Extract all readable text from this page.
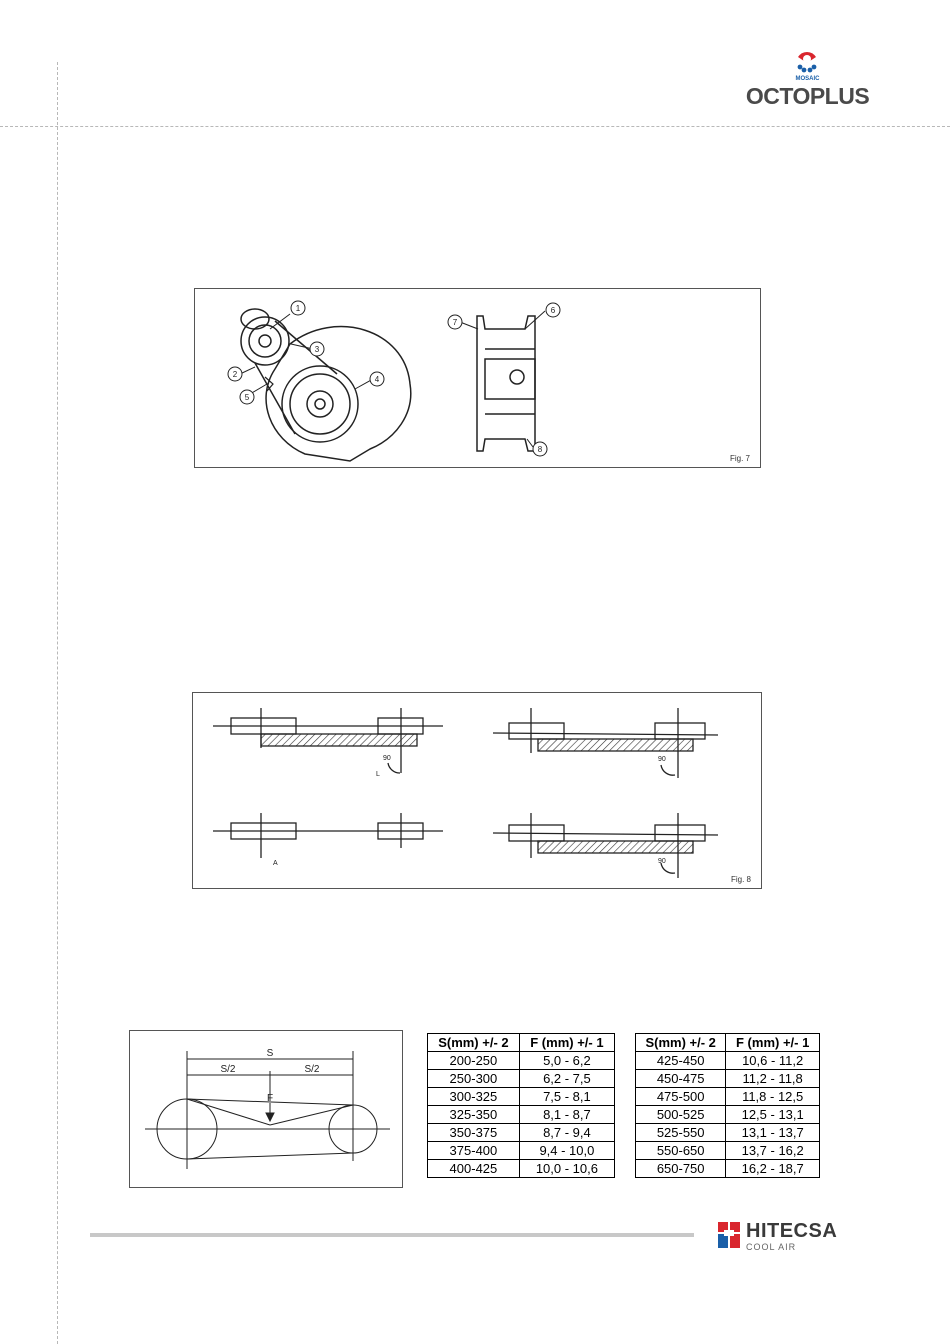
MOSAIC
OCTOPLUS
1
2
3
4
5
6
7
8
Fig. 7
90	90
90
L
A
Fig. 8
S
S/2	S/2
F
S(mm) +/- 2	F (mm) +/- 1
200-250	5,0 - 6,2
250-300	6,2 - 7,5
300-325	7,5 - 8,1
325-350	8,1 - 8,7
350-375	8,7 - 9,4
375-400	9,4 - 10,0
400-425	10,0 - 10,6
S(mm) +/- 2	F (mm) +/- 1
425-450	10,6 - 11,2
450-475	11,2 - 11,8
475-500	11,8 - 12,5
500-525	12,5 - 13,1
525-550	13,1 - 13,7
550-650	13,7 - 16,2
650-750	16,2 - 18,7
HITECSA
COOL AIR
